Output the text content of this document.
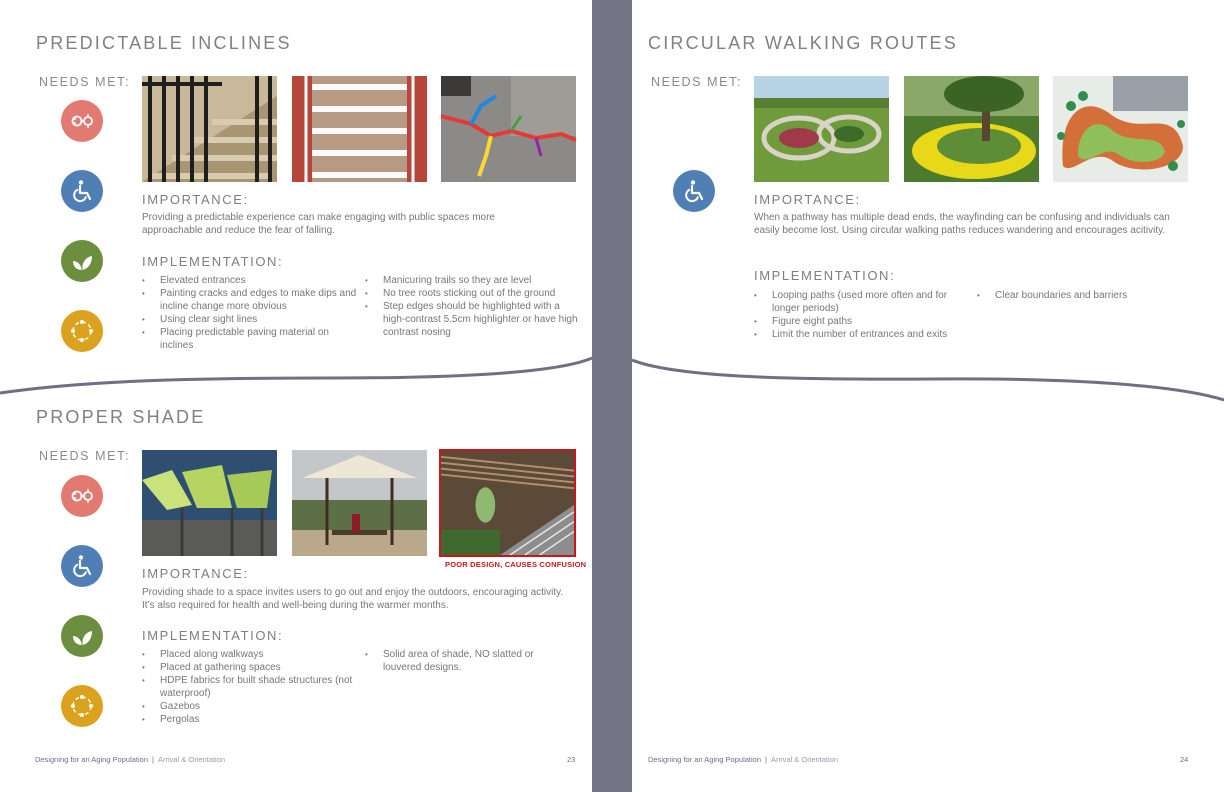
PREDICTABLE INCLINES
NEEDS MET:
IMPORTANCE:

Providing a predictable experience can make engaging with public spaces more approachable and reduce the fear of falling.

IMPLEMENTATION:
• Elevated entrances
• Painting cracks and edges to make dips and incline change more obvious
• Using clear sight lines
• Placing predictable paving material on inclines
• Manicuring trails so they are level
• No tree roots sticking out of the ground
• Step edges should be highlighted with a high-contrast 5.5cm highlighter or have high contrast nosing
PROPER SHADE
NEEDS MET:
POOR DESIGN, CAUSES CONFUSION
IMPORTANCE:

Providing shade to a space invites users to go out and enjoy the outdoors, encouraging activity. It’s also required for health and well-being during the warmer months.

IMPLEMENTATION:
• Placed along walkways
• Placed at gathering spaces
• HDPE fabrics for built shade structures (not waterproof)
• Gazebos
• Pergolas
• Solid area of shade, NO slatted or louvered designs.
Designing for an Aging Population | Arrival & Orientation	23
CIRCULAR WALKING ROUTES
NEEDS MET:
IMPORTANCE:

When a pathway has multiple dead ends, the wayfinding can be confusing and individuals can easily become lost. Using circular walking paths reduces wandering and encourages acitivity.

IMPLEMENTATION:
• Looping paths (used more often and for longer periods)
• Figure eight paths
• Limit the number of entrances and exits
• Clear boundaries and barriers
Designing for an Aging Population | Arrival & Orientation	24
